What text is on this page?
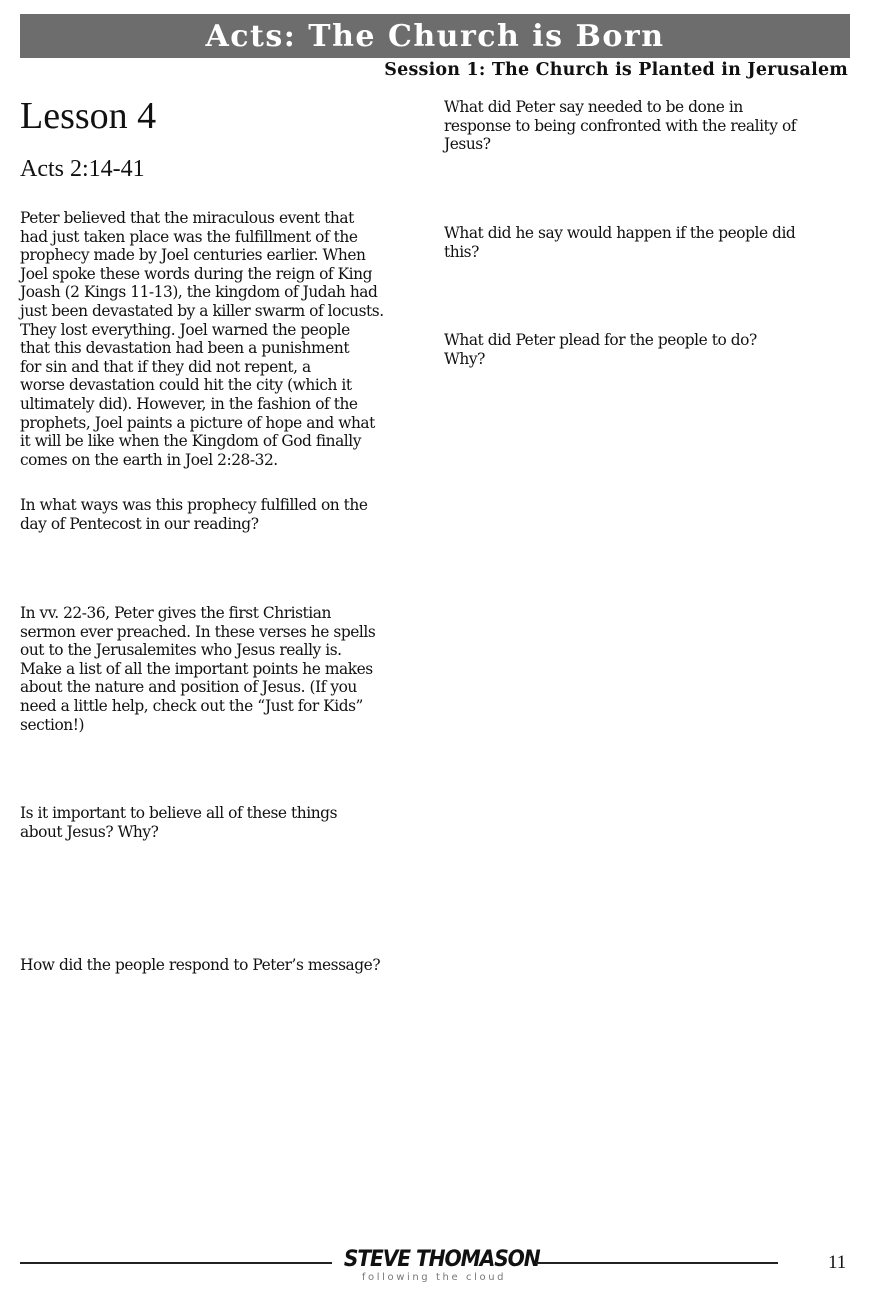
Acts: The Church is Born
Session 1: The Church is Planted in Jerusalem
Lesson 4
Acts 2:14-41

Peter believed that the miraculous event that
had just taken place was the fulfillment of the
prophecy made by Joel centuries earlier. When
Joel spoke these words during the reign of King
Joash (2 Kings 11-13), the kingdom of Judah had
just been devastated by a killer swarm of locusts.
They lost everything. Joel warned the people
that this devastation had been a punishment
for sin and that if they did not repent, a
worse devastation could hit the city (which it
ultimately did). However, in the fashion of the
prophets, Joel paints a picture of hope and what
it will be like when the Kingdom of God finally
comes on the earth in Joel 2:28-32.

In what ways was this prophecy fulfilled on the
day of Pentecost in our reading?

In vv. 22-36, Peter gives the first Christian
sermon ever preached. In these verses he spells
out to the Jerusalemites who Jesus really is.
Make a list of all the important points he makes
about the nature and position of Jesus. (If you
need a little help, check out the “Just for Kids”
section!)

Is it important to believe all of these things
about Jesus? Why?

How did the people respond to Peter’s message?

What did Peter say needed to be done in
response to being confronted with the reality of
Jesus?

What did he say would happen if the people did
this?

What did Peter plead for the people to do?
Why?

STEVE THOMASON
following the cloud
11
